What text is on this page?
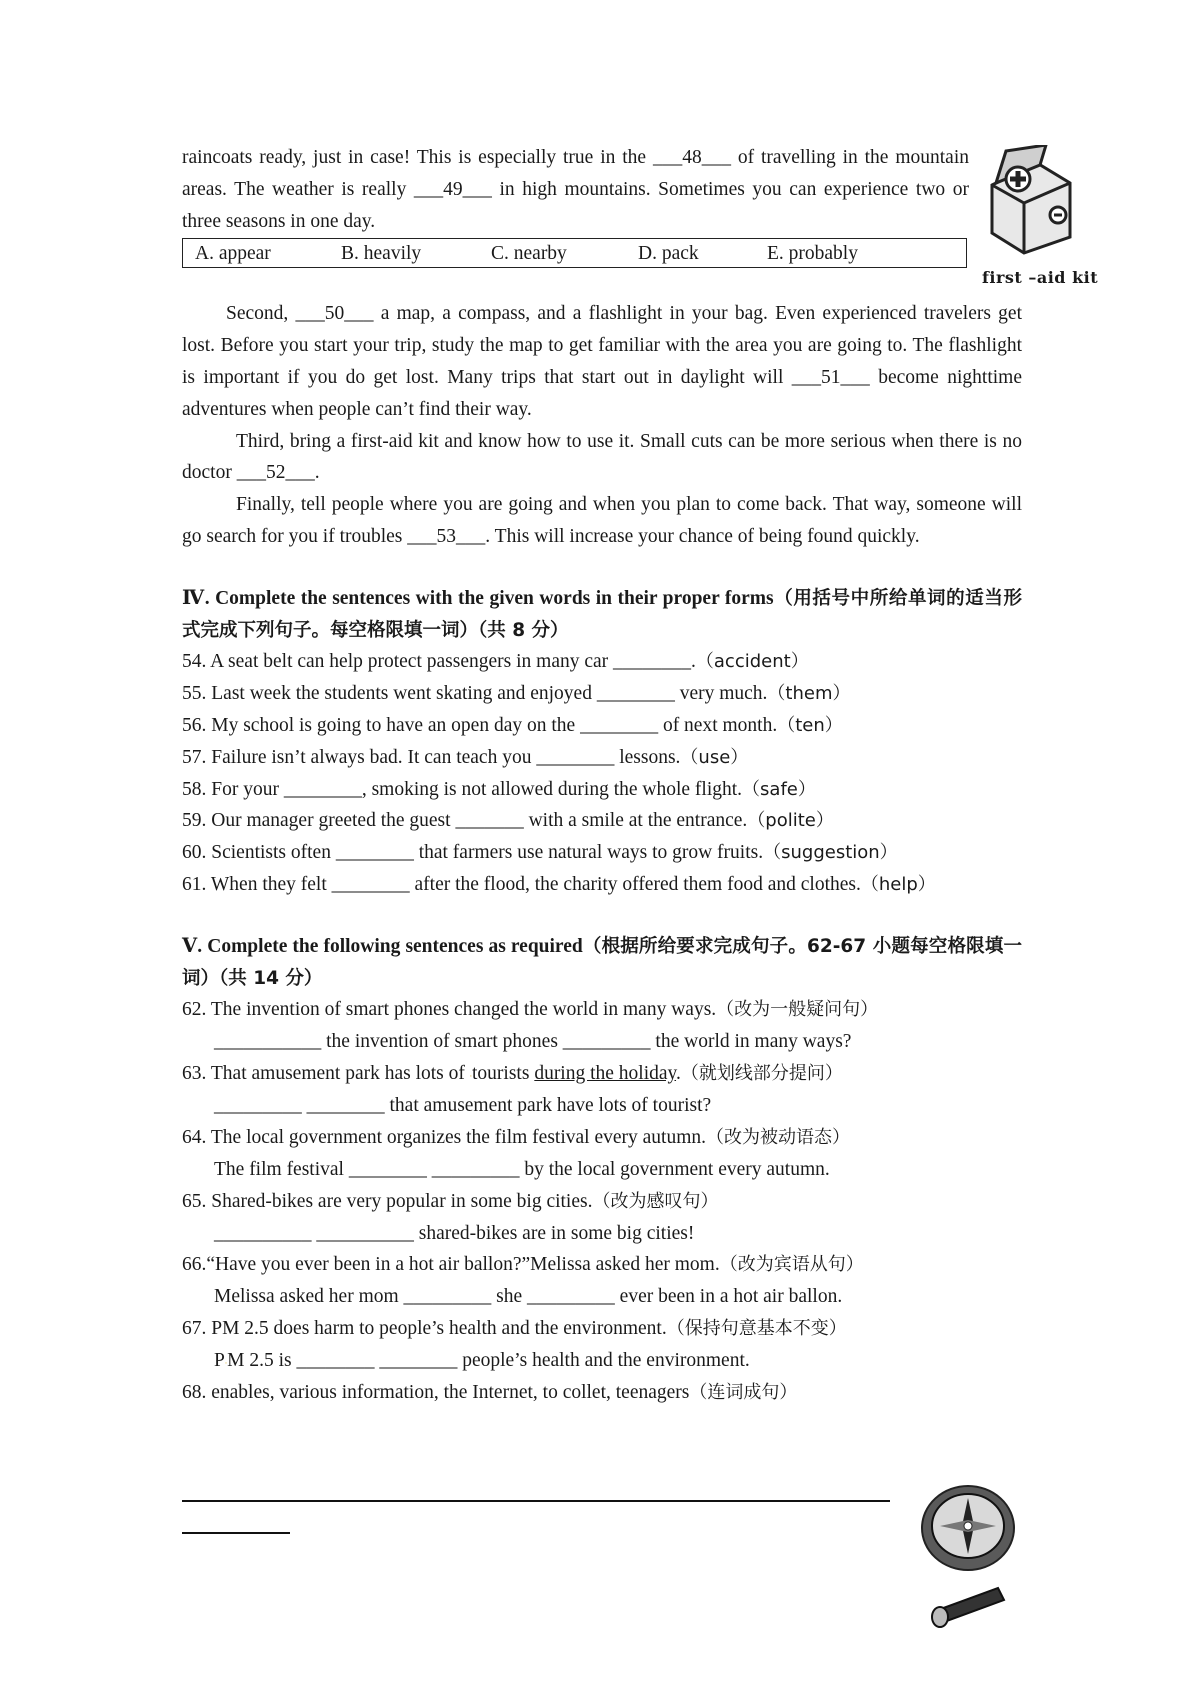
first –aid kit

raincoats ready, just in case! This is especially true in the ___48___ of travelling in the mountain areas. The weather is really ___49___ in high mountains. Sometimes you can experience two or three seasons in one day.

A. appear	B. heavily	C. nearby	D. pack	E. probably

Second, ___50___ a map, a compass, and a flashlight in your bag. Even experienced travelers get lost. Before you start your trip, study the map to get familiar with the area you are going to. The flashlight is important if you do get lost. Many trips that start out in daylight will ___51___ become nighttime adventures when people can’t find their way.

Third, bring a first-aid kit and know how to use it. Small cuts can be more serious when there is no doctor ___52___.

Finally, tell people where you are going and when you plan to come back. That way, someone will go search for you if troubles ___53___. This will increase your chance of being found quickly.

Ⅳ. Complete the sentences with the given words in their proper forms（用括号中所给单词的适当形式完成下列句子。每空格限填一词）（共 8 分）

54. A seat belt can help protect passengers in many car ________.（accident）

55. Last week the students went skating and enjoyed ________ very much.（them）

56. My school is going to have an open day on the ________ of next month.（ten）

57. Failure isn’t always bad. It can teach you ________ lessons.（use）

58. For your ________, smoking is not allowed during the whole flight.（safe）

59. Our manager greeted the guest _______ with a smile at the entrance.（polite）

60. Scientists often ________ that farmers use natural ways to grow fruits.（suggestion）

61. When they felt ________ after the flood, the charity offered them food and clothes.（help）

Ⅴ. Complete the following sentences as required（根据所给要求完成句子。62-67 小题每空格限填一词）（共 14 分）

62. The invention of smart phones changed the world in many ways.（改为一般疑问句）

___________ the invention of smart phones _________ the world in many ways?

63. That amusement park has lots of .tourists during the holiday.（就划线部分提问）

_________ ________ that amusement park have lots of tourist?

64. The local government organizes the film festival every autumn.（改为被动语态）

The film festival ________ _________ by the local government every autumn.

65. Shared-bikes are very popular in some big cities.（改为感叹句）

__________ __________ shared-bikes are in some big cities!

66.“Have you ever been in a hot air ballon?”Melissa asked her mom.（改为宾语从句）

Melissa asked her mom _________ she _________ ever been in a hot air ballon.

67. PM 2.5 does harm to people’s health and the environment.（保持句意基本不变）

P.M 2.5 is ________ ________ people’s health and the environment.

68. enables, various information, the Internet, to collet, teenagers（连词成句）
